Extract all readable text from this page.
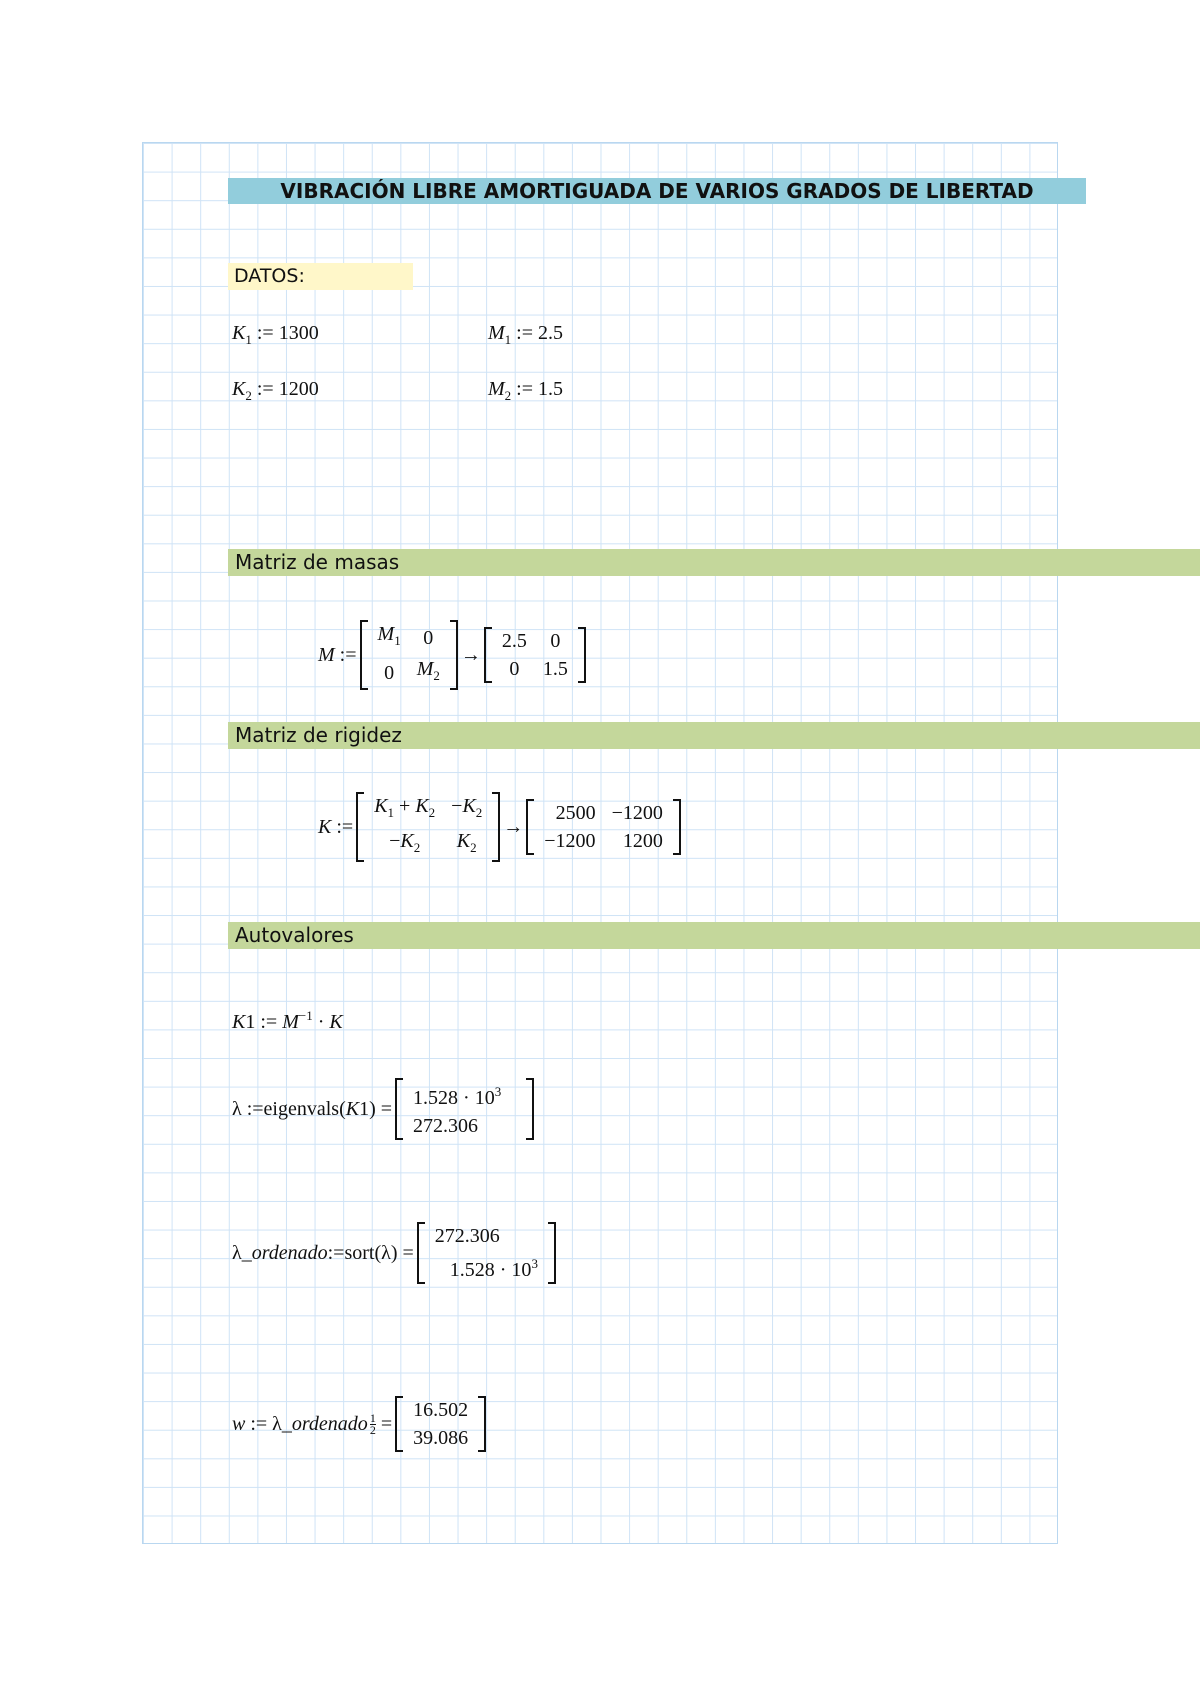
VIBRACIÓN LIBRE AMORTIGUADA DE VARIOS GRADOS DE LIBERTAD
DATOS:
$K_1$ := 1300	$M_1$ := 2.5
$K_2$ := 1200	$M_2$ := 1.5
Matriz de masas
M :=
$M_1$	0
0	$M_2$
→
2.5	0
0	1.5
Matriz de rigidez
K :=
$K_1 + K_2$	$-K_2$
$-K_2$	$K_2$
→
2500	−1200
−1200	1200
Autovalores
K1 := $M^{-1} \cdot K$
λ := eigenvals ( K $1) = 1.528 \cdot 10^3$
272.306
λ _ordenado := sort (λ) =
272.306
$1.528 \cdot 10^3$
w := λ _ordenado $\frac{1}{2}$ =
16.502
39.086
